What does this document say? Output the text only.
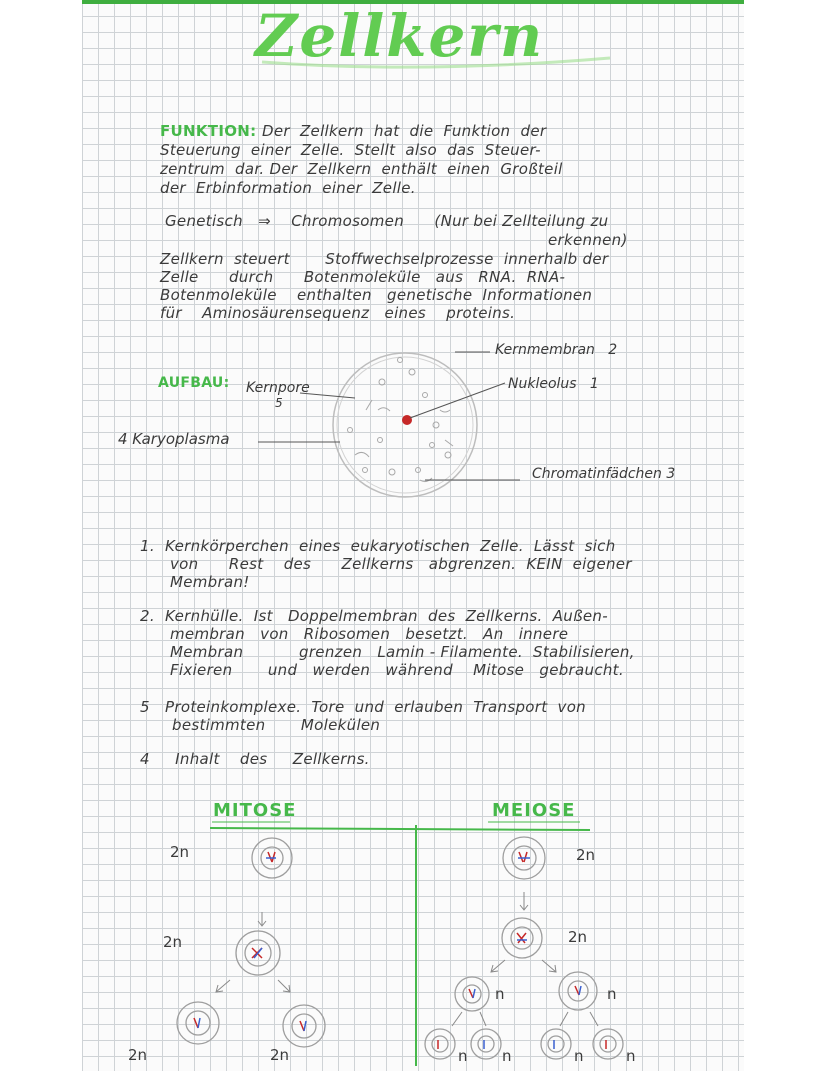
Zellkern
FUNKTION: Der  Zellkern  hat  die  Funktion  der
Steuerung  einer  Zelle.  Stellt  also  das  Steuer-
zentrum  dar. Der  Zellkern  enthält  einen  Großteil
der  Erbinformation  einer  Zelle.
Genetisch   ⇒    Chromosomen      (Nur bei Zellteilung zu
erkennen)
Zellkern  steuert       Stoffwechselprozesse  innerhalb der
Zelle      durch      Botenmoleküle   aus   RNA.  RNA-
Botenmoleküle    enthalten   genetische  Informationen
für    Aminosäurensequenz   eines    proteins.
AUFBAU: Kernpore
5
Kernmembran   2
Nukleolus   1
4 Karyoplasma
Chromatinfädchen 3
1.  Kernkörperchen  eines  eukaryotischen  Zelle.  Lässt  sich
von      Rest    des      Zellkerns   abgrenzen.  KEIN  eigener
Membran!
2.  Kernhülle.  Ist   Doppelmembran  des  Zellkerns.  Außen-
membran   von   Ribosomen   besetzt.   An   innere
Membran           grenzen   Lamin - Filamente.  Stabilisieren,
Fixieren       und   werden   während    Mitose   gebraucht.
5   Proteinkomplexe.  Tore  und  erlauben  Transport  von
bestimmten       Molekülen
4     Inhalt    des     Zellkerns.
MITOSE	MEIOSE
2n
2n
2n	2n
2n
2n
n	n
n n	n	n
